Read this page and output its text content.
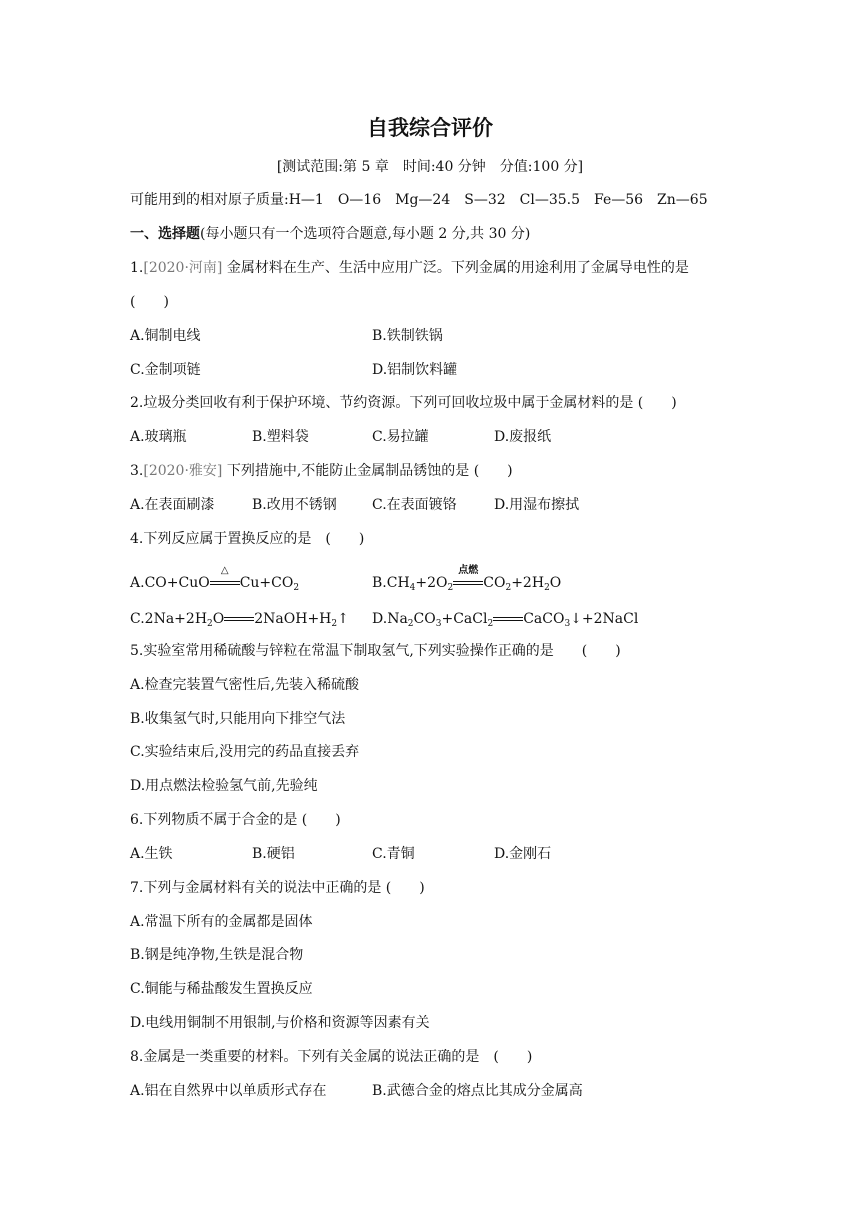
自我综合评价
[测试范围:第 5 章　时间:40 分钟　分值:100 分]
可能用到的相对原子质量:H—1　O—16　Mg—24　S—32　Cl—35.5　Fe—56　Zn—65
一、选择题(每小题只有一个选项符合题意,每小题 2 分,共 30 分)
1.[2020·河南] 金属材料在生产、生活中应用广泛。下列金属的用途利用了金属导电性的是
(　　)
A.铜制电线	B.铁制铁锅
C.金制项链	D.铝制饮料罐
2.垃圾分类回收有利于保护环境、节约资源。下列可回收垃圾中属于金属材料的是 (　　)
A.玻璃瓶	B.塑料袋	C.易拉罐	D.废报纸
3.[2020·雅安] 下列措施中,不能防止金属制品锈蚀的是 (　　)
A.在表面刷漆	B.改用不锈钢	C.在表面镀铬	D.用湿布擦拭
4.下列反应属于置换反应的是　(　　)
A.CO+CuO
△
$Cu+CO_2$	$B.CH_4+2O_2$
点燃
$CO_2+2H_2O$
$C.2Na+2H_2O$ $2NaOH+H_2↑$ $D.Na_2CO_3+CaCl_2$ CaCO$_3$↓+2NaCl
5.实验室常用稀硫酸与锌粒在常温下制取氢气,下列实验操作正确的是　　(　　)
A.检查完装置气密性后,先装入稀硫酸
B.收集氢气时,只能用向下排空气法
C.实验结束后,没用完的药品直接丢弃
D.用点燃法检验氢气前,先验纯
6.下列物质不属于合金的是 (　　)
A.生铁	B.硬铝	C.青铜	D.金刚石
7.下列与金属材料有关的说法中正确的是 (　　)
A.常温下所有的金属都是固体
B.钢是纯净物,生铁是混合物
C.铜能与稀盐酸发生置换反应
D.电线用铜制不用银制,与价格和资源等因素有关
8.金属是一类重要的材料。下列有关金属的说法正确的是　(　　)
A.铝在自然界中以单质形式存在	B.武德合金的熔点比其成分金属高
